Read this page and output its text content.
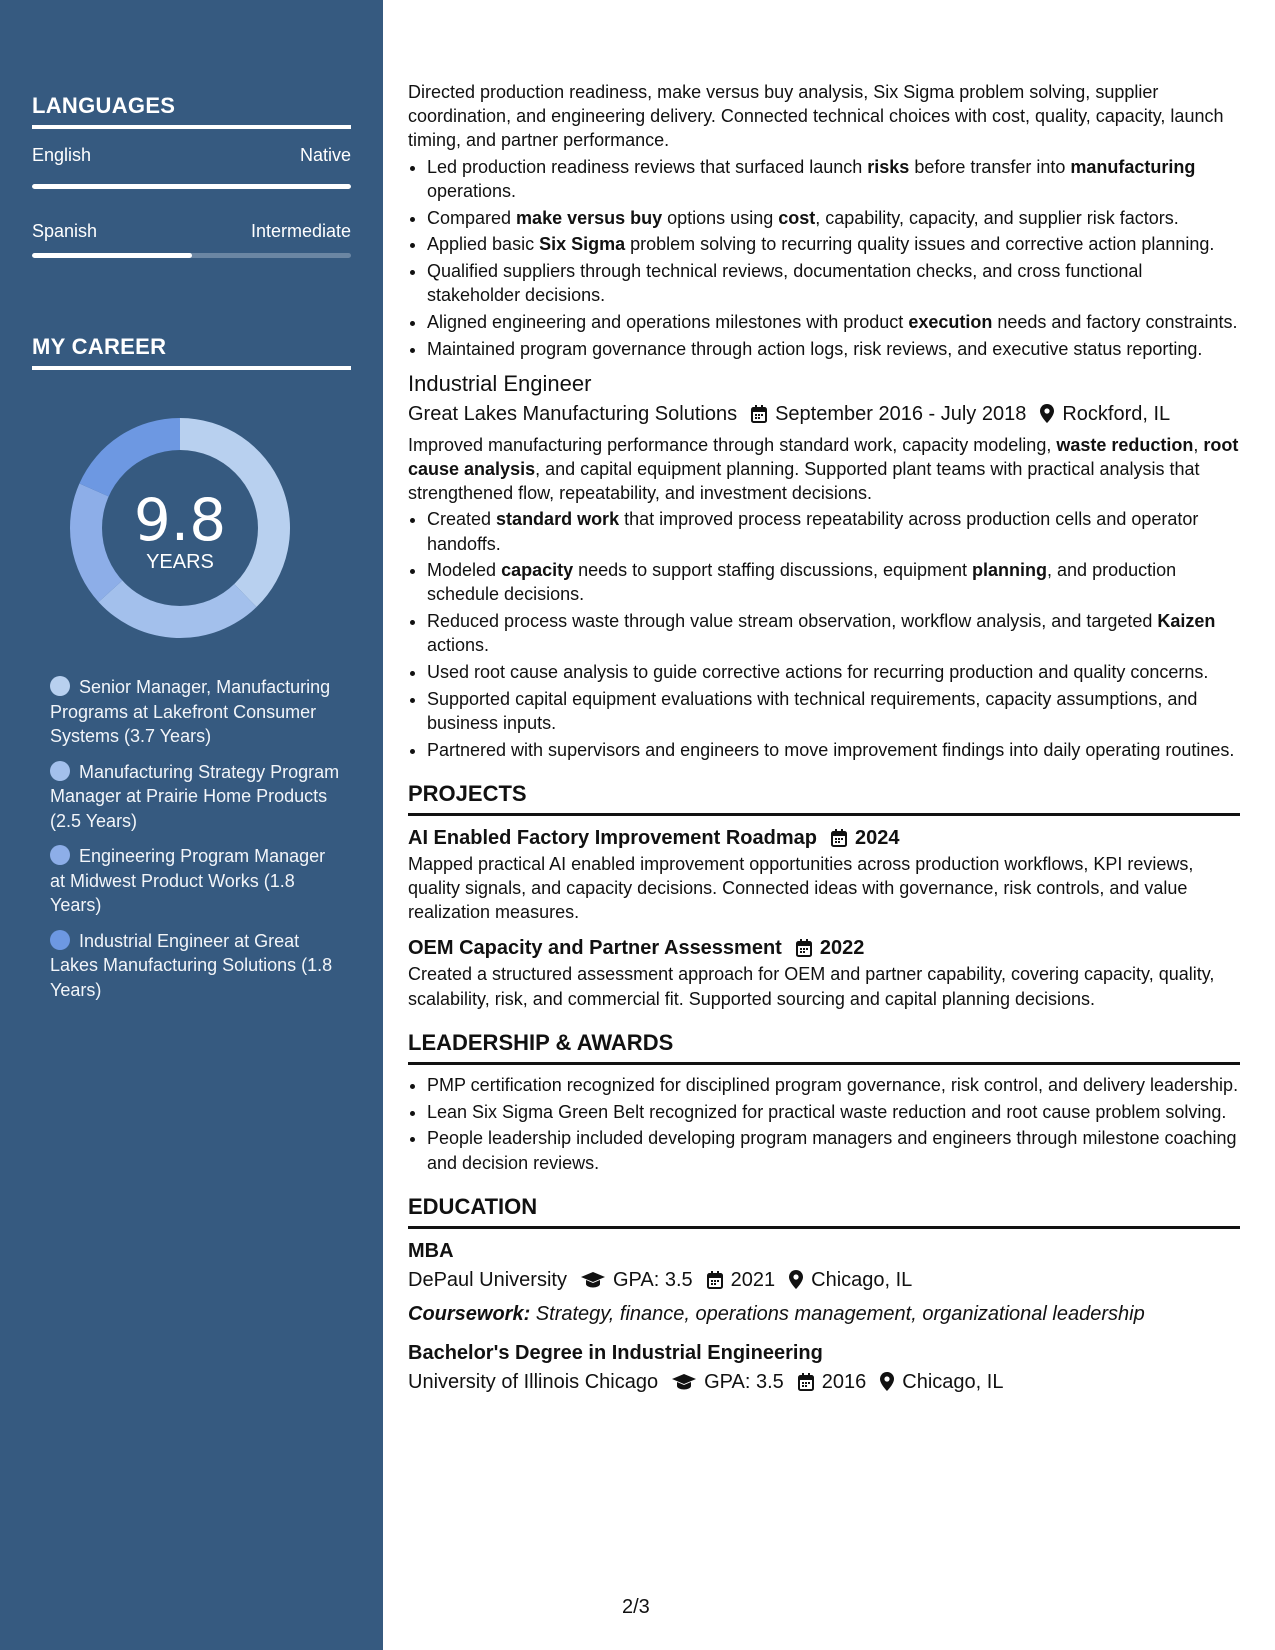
LANGUAGES
English	Native
Spanish	Intermediate
MY CAREER
9.8
YEARS
Senior Manager, Manufacturing Programs at Lakefront Consumer Systems (3.7 Years)
Manufacturing Strategy Program Manager at Prairie Home Products (2.5 Years)
Engineering Program Manager at Midwest Product Works (1.8 Years)
Industrial Engineer at Great Lakes Manufacturing Solutions (1.8 Years)

Directed production readiness, make versus buy analysis, Six Sigma problem solving, supplier coordination, and engineering delivery. Connected technical choices with cost, quality, capacity, launch timing, and partner performance.

• Led production readiness reviews that surfaced launch risks before transfer into manufacturing operations.
• Compared make versus buy options using cost, capability, capacity, and supplier risk factors.
• Applied basic Six Sigma problem solving to recurring quality issues and corrective action planning.
• Qualified suppliers through technical reviews, documentation checks, and cross functional stakeholder decisions.
• Aligned engineering and operations milestones with product execution needs and factory constraints.
• Maintained program governance through action logs, risk reviews, and executive status reporting.
Industrial Engineer
Great Lakes Manufacturing Solutions September 2016 - July 2018 Rockford, IL

Improved manufacturing performance through standard work, capacity modeling, waste reduction, root cause analysis, and capital equipment planning. Supported plant teams with practical analysis that strengthened flow, repeatability, and investment decisions.

• Created standard work that improved process repeatability across production cells and operator handoffs.
• Modeled capacity needs to support staffing discussions, equipment planning, and production schedule decisions.
• Reduced process waste through value stream observation, workflow analysis, and targeted Kaizen actions.
• Used root cause analysis to guide corrective actions for recurring production and quality concerns.
• Supported capital equipment evaluations with technical requirements, capacity assumptions, and business inputs.
• Partnered with supervisors and engineers to move improvement findings into daily operating routines.
PROJECTS
AI Enabled Factory Improvement Roadmap 2024

Mapped practical AI enabled improvement opportunities across production workflows, KPI reviews, quality signals, and capacity decisions. Connected ideas with governance, risk controls, and value realization measures.

OEM Capacity and Partner Assessment 2022

Created a structured assessment approach for OEM and partner capability, covering capacity, quality, scalability, risk, and commercial fit. Supported sourcing and capital planning decisions.

LEADERSHIP & AWARDS
• PMP certification recognized for disciplined program governance, risk control, and delivery leadership.
• Lean Six Sigma Green Belt recognized for practical waste reduction and root cause problem solving.
• People leadership included developing program managers and engineers through milestone coaching and decision reviews.
EDUCATION
MBA
DePaul University GPA: 3.5 2021 Chicago, IL
Coursework: Strategy, finance, operations management, organizational leadership
Bachelor's Degree in Industrial Engineering
University of Illinois Chicago GPA: 3.5 2016 Chicago, IL
2/3
